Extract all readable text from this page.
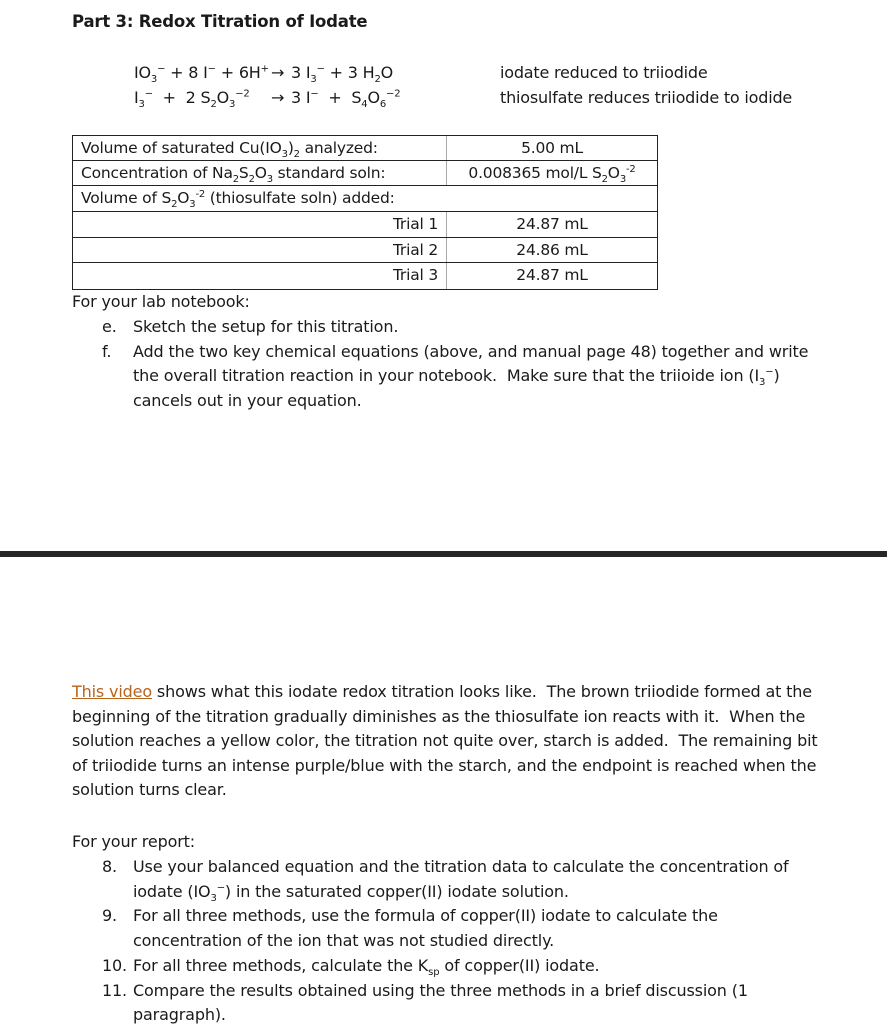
Part 3: Redox Titration of Iodate
$IO_3^- + 8$ I− + 6H+ → 3 $I_3^- + 3$ $H_2O$	iodate reduced to triiodide
$I_3^- + 2$ $S_2O_3^{-2} \to 3$ $I^- + S_4O_6^{-2}$	thiosulfate reduces triiodide to iodide
Volume of saturated $Cu(IO_3)_2$ analyzed:	5.00 mL
Concentration of $Na_2S_2O_3$ standard soln:	0.008365 mol/L $S_2O_3^{-2}$
Volume of $S_2O_3^{-2}$ (thiosulfate soln) added:
Trial 1	24.87 mL
Trial 2	24.86 mL
Trial 3	24.87 mL
For your lab notebook:
e. Sketch the setup for this titration.
f. Add the two key chemical equations (above, and manual page 48) together and write
the overall titration reaction in your notebook.  Make sure that the triioide ion $(I_3^-)$
cancels out in your equation.
This video shows what this iodate redox titration looks like.  The brown triiodide formed at the
beginning of the titration gradually diminishes as the thiosulfate ion reacts with it.  When the
solution reaches a yellow color, the titration not quite over, starch is added.  The remaining bit
of triiodide turns an intense purple/blue with the starch, and the endpoint is reached when the
solution turns clear.
For your report:
8. Use your balanced equation and the titration data to calculate the concentration of
iodate $(IO_3^-)$ in the saturated copper(II) iodate solution.
9. For all three methods, use the formula of copper(II) iodate to calculate the
concentration of the ion that was not studied directly.
10. For all three methods, calculate the $K_{sp}$ of copper(II) iodate.
11. Compare the results obtained using the three methods in a brief discussion (1
paragraph).
